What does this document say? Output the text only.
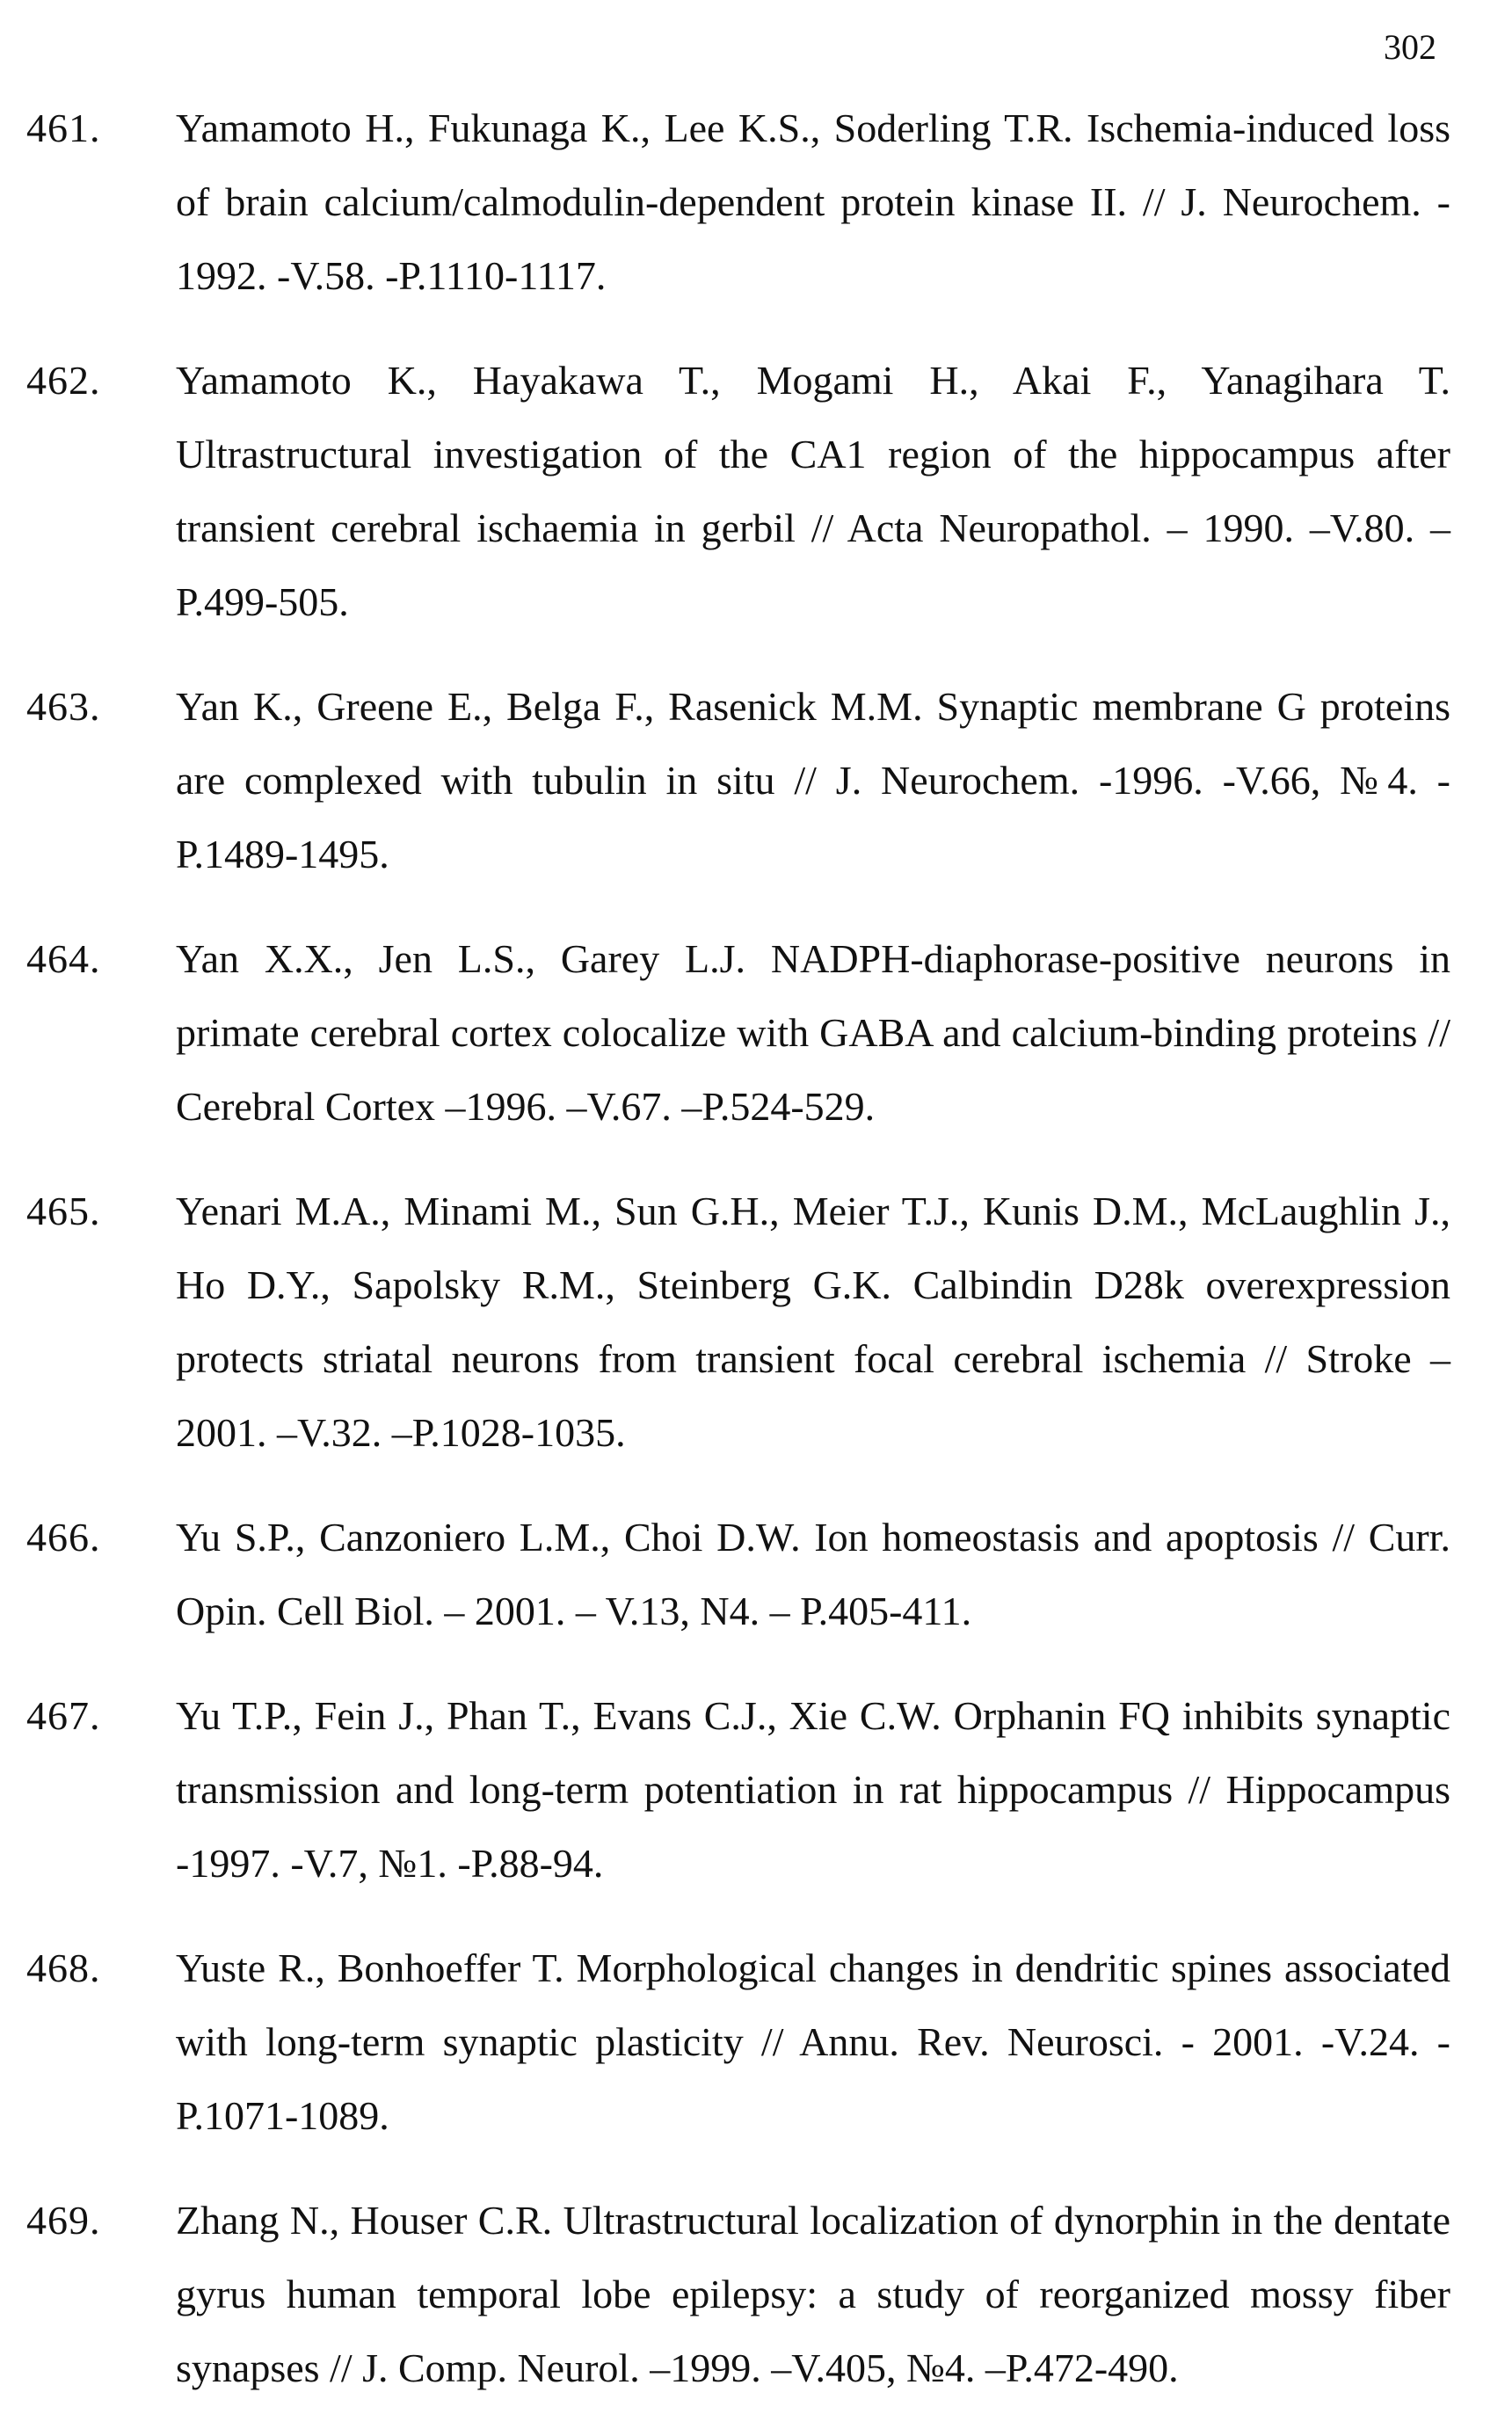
302
461.	Yamamoto H., Fukunaga K., Lee K.S., Soderling T.R. Ischemia-induced loss of brain calcium/calmodulin-dependent protein kinase II. // J. Neurochem. - 1992. -V.58. -P.1110-1117.
462.	Yamamoto K., Hayakawa T., Mogami H., Akai F., Yanagihara T. Ultrastructural investigation of the CA1 region of the hippocampus after transient cerebral ischaemia in gerbil // Acta Neuropathol. – 1990. –V.80. – P.499-505.
463.	Yan K., Greene E., Belga F., Rasenick M.M. Synaptic membrane G proteins are complexed with tubulin in situ // J. Neurochem. -1996. -V.66, №4. -P.1489-1495.
464.	Yan X.X., Jen L.S., Garey L.J. NADPH-diaphorase-positive neurons in primate cerebral cortex colocalize with GABA and calcium-binding proteins // Cerebral Cortex –1996. –V.67. –P.524-529.
465.	Yenari M.A., Minami M., Sun G.H., Meier T.J., Kunis D.M., McLaughlin J., Ho D.Y., Sapolsky R.M., Steinberg G.K. Calbindin D28k overexpression protects striatal neurons from transient focal cerebral ischemia // Stroke –2001. –V.32. –P.1028-1035.
466.	Yu S.P., Canzoniero L.M., Choi D.W. Ion homeostasis and apoptosis // Curr. Opin. Cell Biol. – 2001. – V.13, N4. – P.405-411.
467.	Yu T.P., Fein J., Phan T., Evans C.J., Xie C.W. Orphanin FQ inhibits synaptic transmission and long-term potentiation in rat hippocampus // Hippocampus -1997. -V.7, №1. -P.88-94.
468.	Yuste R., Bonhoeffer T. Morphological changes in dendritic spines associated with long-term synaptic plasticity // Annu. Rev. Neurosci. - 2001. -V.24. -P.1071-1089.
469.	Zhang N., Houser C.R. Ultrastructural localization of dynorphin in the dentate gyrus human temporal lobe epilepsy: a study of reorganized mossy fiber synapses // J. Comp. Neurol. –1999. –V.405, №4. –P.472-490.
